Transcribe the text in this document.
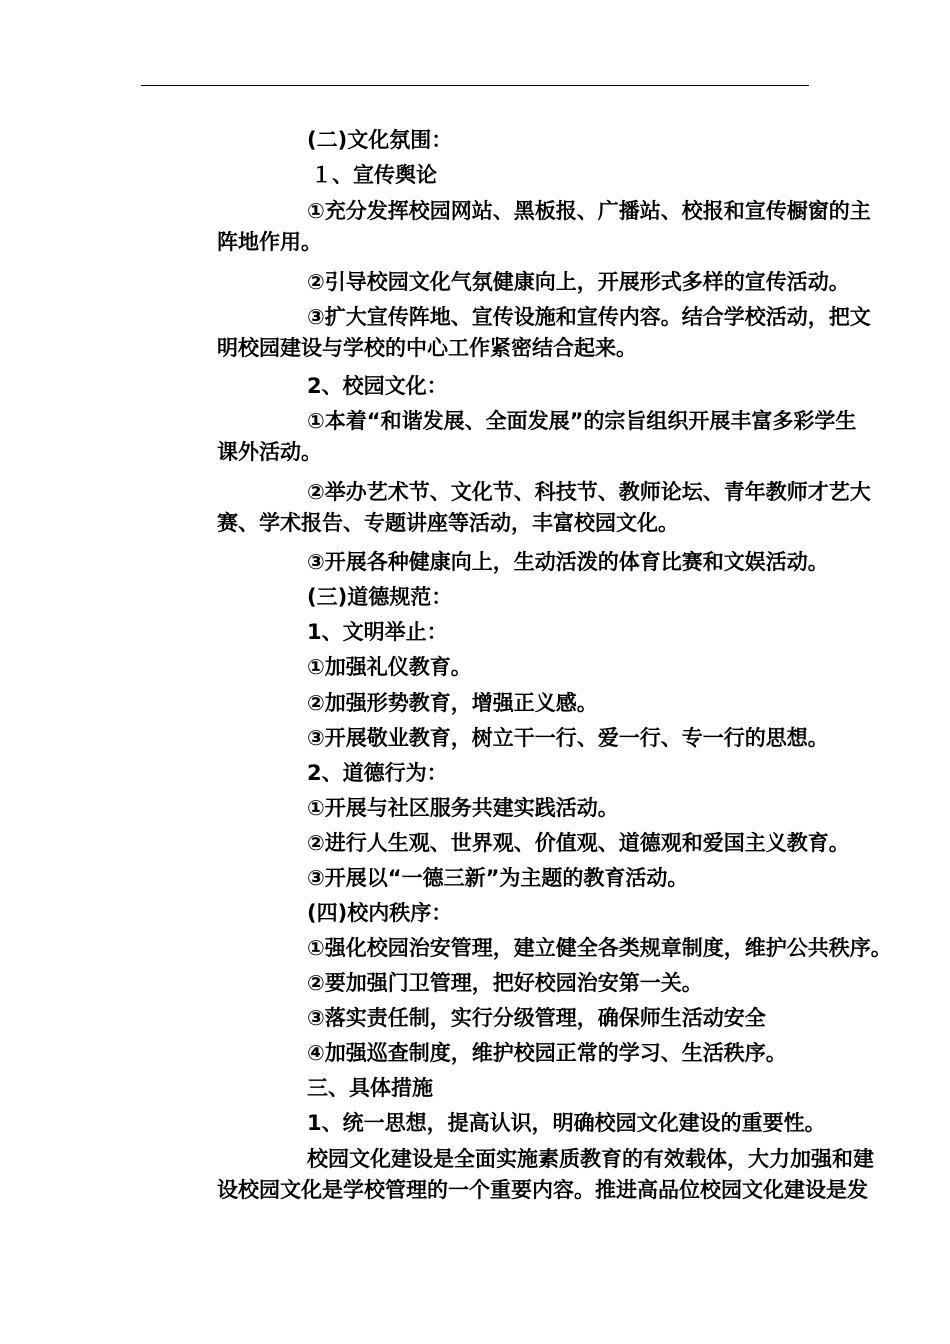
(二)文化氛围：
１、宣传舆论
①充分发挥校园网站、黑板报、广播站、校报和宣传橱窗的主
阵地作用。
②引导校园文化气氛健康向上，开展形式多样的宣传活动。
③扩大宣传阵地、宣传设施和宣传内容。结合学校活动，把文
明校园建设与学校的中心工作紧密结合起来。
2、校园文化：
①本着“和谐发展、全面发展”的宗旨组织开展丰富多彩学生
课外活动。
②举办艺术节、文化节、科技节、教师论坛、青年教师才艺大
赛、学术报告、专题讲座等活动，丰富校园文化。
③开展各种健康向上，生动活泼的体育比赛和文娱活动。
(三)道德规范：
1、文明举止：
①加强礼仪教育。
②加强形势教育，增强正义感。
③开展敬业教育，树立干一行、爱一行、专一行的思想。
2、道德行为：
①开展与社区服务共建实践活动。
②进行人生观、世界观、价值观、道德观和爱国主义教育。
③开展以“一德三新”为主题的教育活动。
(四)校内秩序：
①强化校园治安管理，建立健全各类规章制度，维护公共秩序。
②要加强门卫管理，把好校园治安第一关。
③落实责任制，实行分级管理，确保师生活动安全
④加强巡查制度，维护校园正常的学习、生活秩序。
三、具体措施
1、统一思想，提高认识，明确校园文化建设的重要性。
校园文化建设是全面实施素质教育的有效载体，大力加强和建
设校园文化是学校管理的一个重要内容。推进高品位校园文化建设是发
